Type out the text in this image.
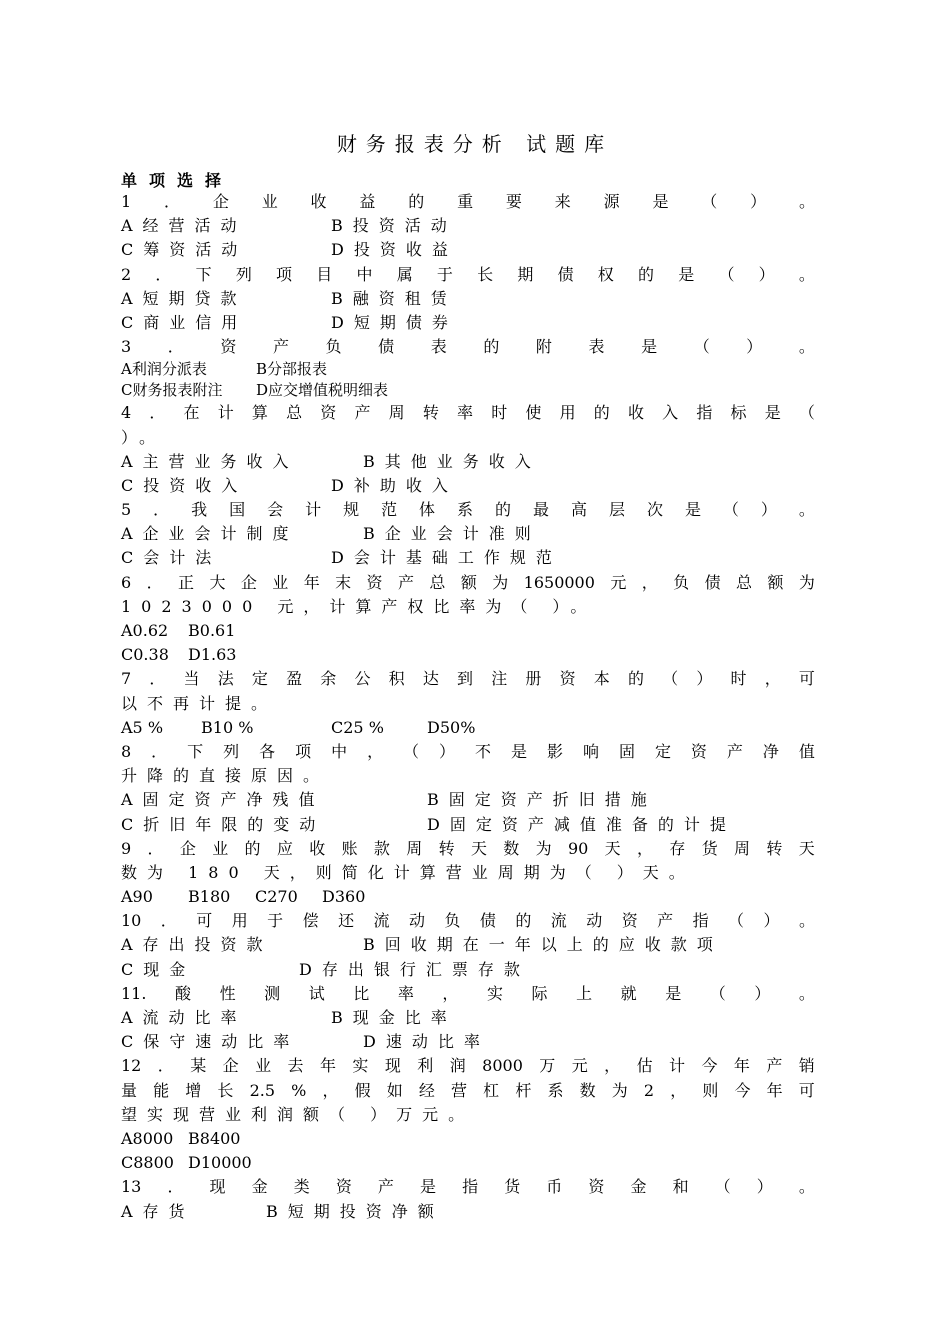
财务报表分析 试题库
单项选择
1 ． 企 业 收 益 的 重 要 来 源 是 （ ） 。
A经营活动	B投资活动
C筹资活动	D投资收益
2 ． 下 列 项 目 中 属 于 长 期 债 权 的 是 （ ） 。
A短期贷款	B融资租赁
C商业信用	D短期债券
3 ． 资 产 负 债 表 的 附 表 是 （ ） 。
A利润分派表	B分部报表
C财务报表附注 D应交增值税明细表
4 ． 在 计 算 总 资 产 周 转 率 时 使 用 的 收 入 指 标 是 （
）。
A主营业务收入	B其他业务收入
C投资收入	D补助收入
5 ． 我 国 会 计 规 范 体 系 的 最 高 层 次 是 （ ） 。
A企业会计制度	B企业会计准则
C会计法	D会计基础工作规范
6 ． 正 大 企 业 年 末 资 产 总 额 为 1650000 元 ， 负 债 总 额 为
1023000 元，计算产权比率为（ ）。
A0.62 B0.61
C0.38 D1.63
7 ． 当 法 定 盈 余 公 积 达 到 注 册 资 本 的 （ ） 时 ， 可
以不再计提。
A5 % B10 %	C25 %	D50%
8 ． 下 列 各 项 中 ， （ ） 不 是 影 响 固 定 资 产 净 值
升降的直接原因。
A固定资产净残值	B固定资产折旧措施
C折旧年限的变动	D固定资产减值准备的计提
9 ． 企 业 的 应 收 账 款 周 转 天 数 为 90 天 ， 存 货 周 转 天
数为 180 天，则简化计算营业周期为（ ）天。
A90 B180 C270 D360
10 ． 可 用 于 偿 还 流 动 负 债 的 流 动 资 产 指 （ ） 。
A存出投资款	B回收期在一年以上的应收款项
C现金	D存出银行汇票存款
11. 酸 性 测 试 比 率 ， 实 际 上 就 是 （ ） 。
A流动比率	B现金比率
C保守速动比率	D速动比率
12 ． 某 企 业 去 年 实 现 利 润 8000 万 元 ， 估 计 今 年 产 销
量 能 增 长 2.5 % ， 假 如 经 营 杠 杆 系 数 为 2 ， 则 今 年 可
望实现营业利润额（ ）万元。
A8000 B8400
C8800 D10000
13 ． 现 金 类 资 产 是 指 货 币 资 金 和 （ ） 。
A存货	B短期投资净额
